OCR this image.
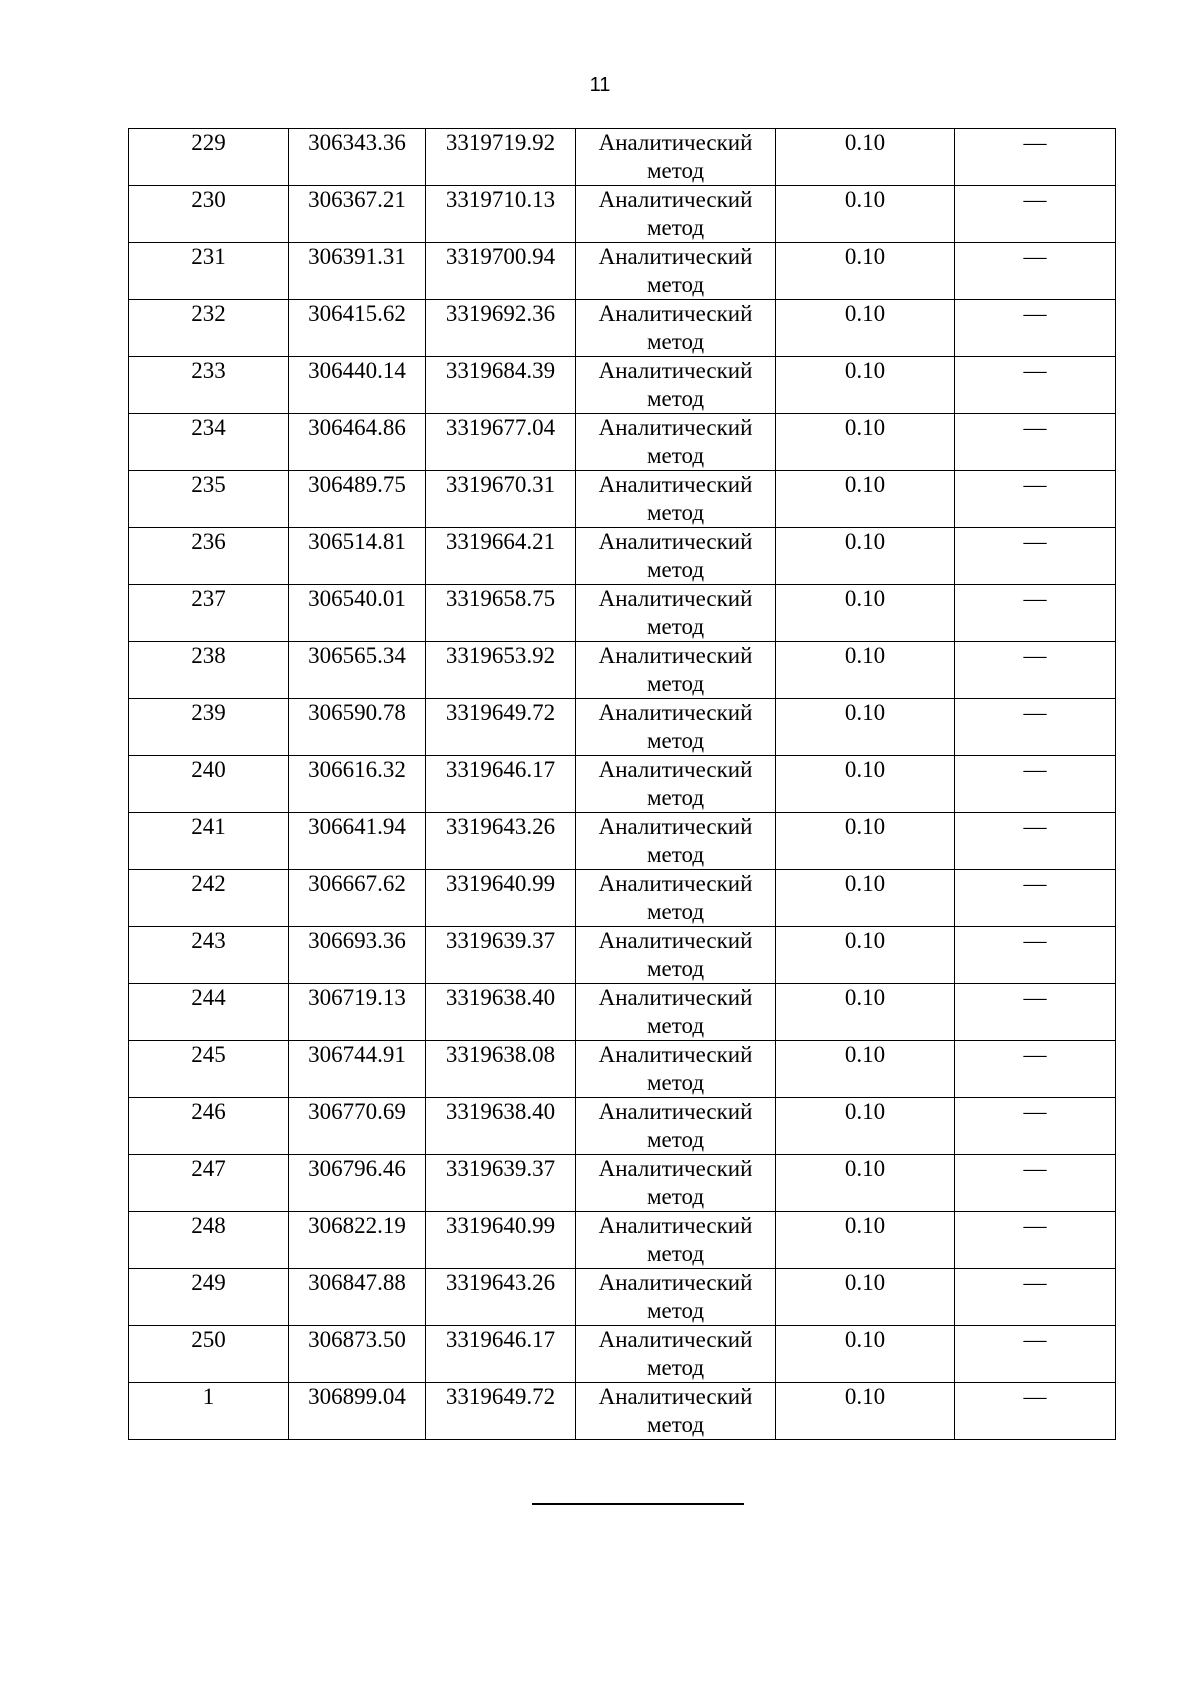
11
229	306343.36	3319719.92	Аналитический метод	0.10	—
230	306367.21	3319710.13	Аналитический метод	0.10	—
231	306391.31	3319700.94	Аналитический метод	0.10	—
232	306415.62	3319692.36	Аналитический метод	0.10	—
233	306440.14	3319684.39	Аналитический метод	0.10	—
234	306464.86	3319677.04	Аналитический метод	0.10	—
235	306489.75	3319670.31	Аналитический метод	0.10	—
236	306514.81	3319664.21	Аналитический метод	0.10	—
237	306540.01	3319658.75	Аналитический метод	0.10	—
238	306565.34	3319653.92	Аналитический метод	0.10	—
239	306590.78	3319649.72	Аналитический метод	0.10	—
240	306616.32	3319646.17	Аналитический метод	0.10	—
241	306641.94	3319643.26	Аналитический метод	0.10	—
242	306667.62	3319640.99	Аналитический метод	0.10	—
243	306693.36	3319639.37	Аналитический метод	0.10	—
244	306719.13	3319638.40	Аналитический метод	0.10	—
245	306744.91	3319638.08	Аналитический метод	0.10	—
246	306770.69	3319638.40	Аналитический метод	0.10	—
247	306796.46	3319639.37	Аналитический метод	0.10	—
248	306822.19	3319640.99	Аналитический метод	0.10	—
249	306847.88	3319643.26	Аналитический метод	0.10	—
250	306873.50	3319646.17	Аналитический метод	0.10	—
1	306899.04	3319649.72	Аналитический метод	0.10	—
